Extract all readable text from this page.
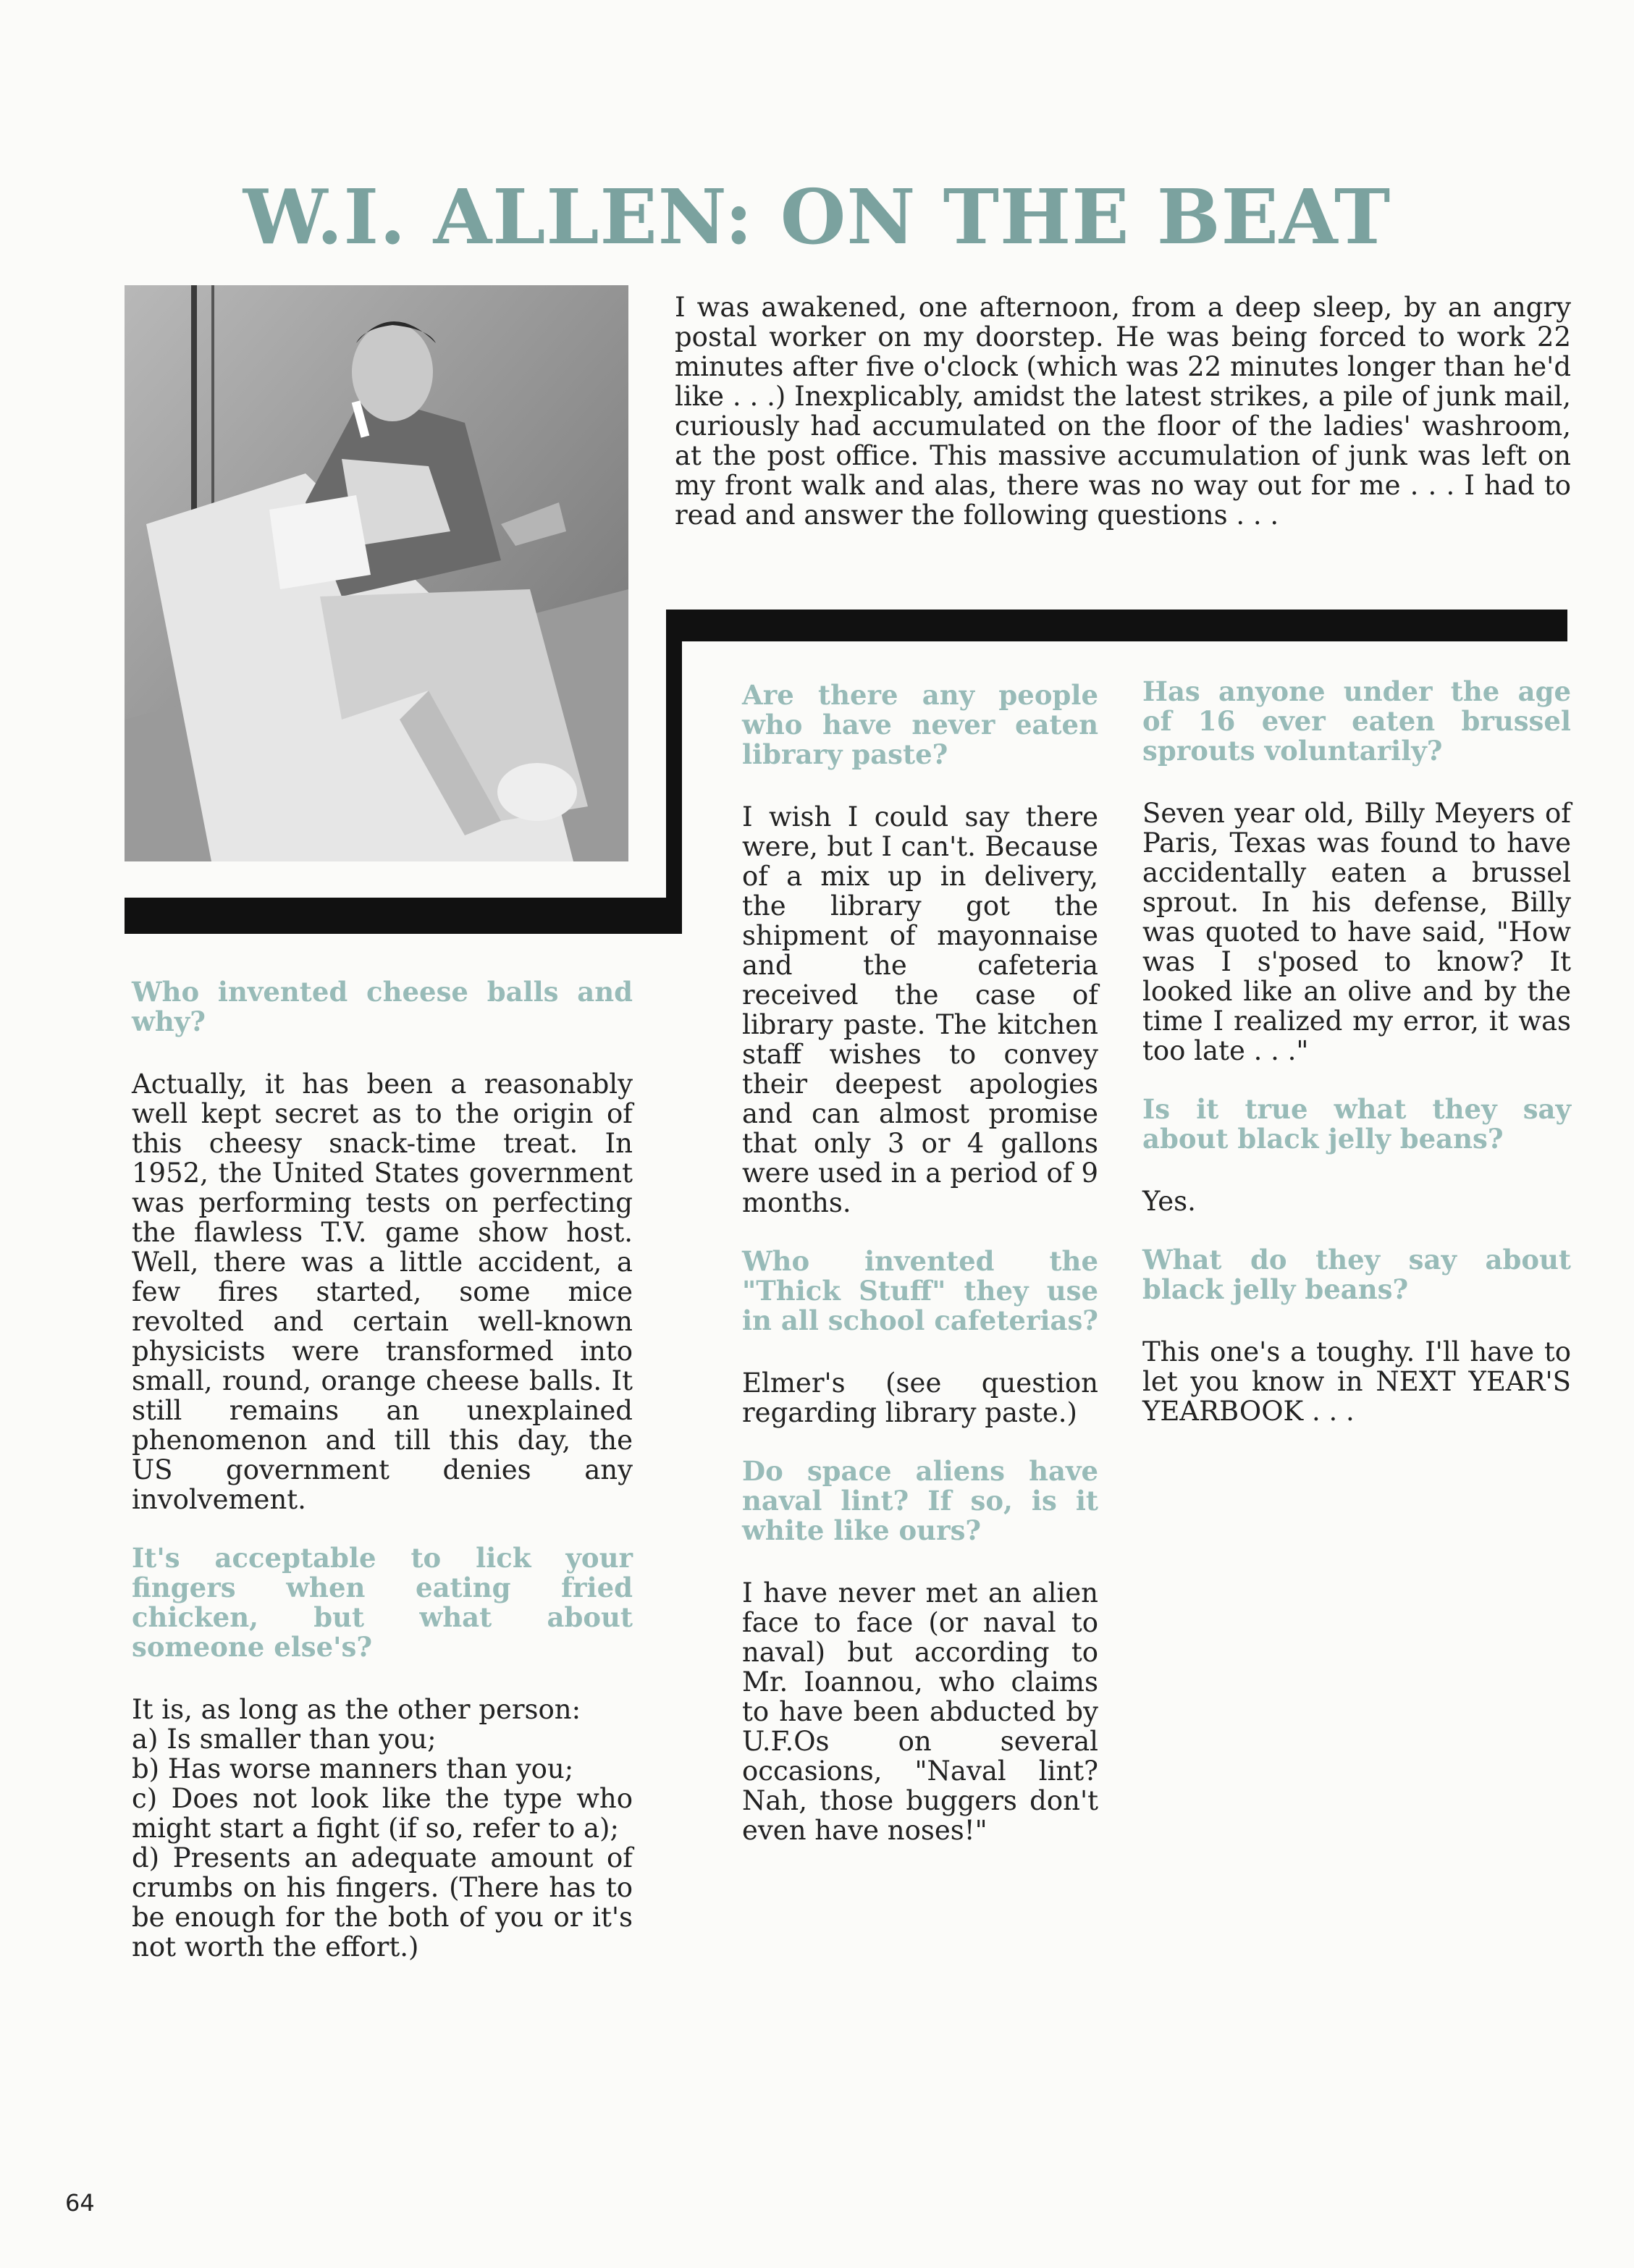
W.I. ALLEN: ON THE BEAT

I was awakened, one afternoon, from a deep sleep, by an angry postal worker on my doorstep. He was being forced to work 22 minutes after five o'clock (which was 22 minutes longer than he'd like . . .) Inexplicably, amidst the latest strikes, a pile of junk mail, curiously had accumulated on the floor of the ladies' washroom, at the post office. This massive accumulation of junk was left on my front walk and alas, there was no way out for me . . . I had to read and answer the following questions . . .

Who invented cheese balls and why?

Actually, it has been a reasonably well kept secret as to the origin of this cheesy snack-time treat. In 1952, the United States government was performing tests on perfecting the flawless T.V. game show host. Well, there was a little accident, a few fires started, some mice revolted and certain well-known physicists were transformed into small, round, orange cheese balls. It still remains an unexplained phenomenon and till this day, the US government denies any involvement.

It's acceptable to lick your fingers when eating fried chicken, but what about someone else's?

It is, as long as the other person:
a) Is smaller than you;
b) Has worse manners than you;
c) Does not look like the type who might start a fight (if so, refer to a);
d) Presents an adequate amount of crumbs on his fingers. (There has to be enough for the both of you or it's not worth the effort.)

Are there any people who have never eaten library paste?

I wish I could say there were, but I can't. Because of a mix up in delivery, the library got the shipment of mayonnaise and the cafeteria received the case of library paste. The kitchen staff wishes to convey their deepest apologies and can almost promise that only 3 or 4 gallons were used in a period of 9 months.

Who invented the "Thick Stuff" they use in all school cafeterias?

Elmer's (see question regarding library paste.)

Do space aliens have naval lint? If so, is it white like ours?

I have never met an alien face to face (or naval to naval) but according to Mr. Ioannou, who claims to have been abducted by U.F.Os on several occasions, "Naval lint? Nah, those buggers don't even have noses!"

Has anyone under the age of 16 ever eaten brussel sprouts voluntarily?

Seven year old, Billy Meyers of Paris, Texas was found to have accidentally eaten a brussel sprout. In his defense, Billy was quoted to have said, "How was I s'posed to know? It looked like an olive and by the time I realized my error, it was too late . . ."

Is it true what they say about black jelly beans?

Yes.

What do they say about black jelly beans?

This one's a toughy. I'll have to let you know in NEXT YEAR'S YEARBOOK . . .

64
